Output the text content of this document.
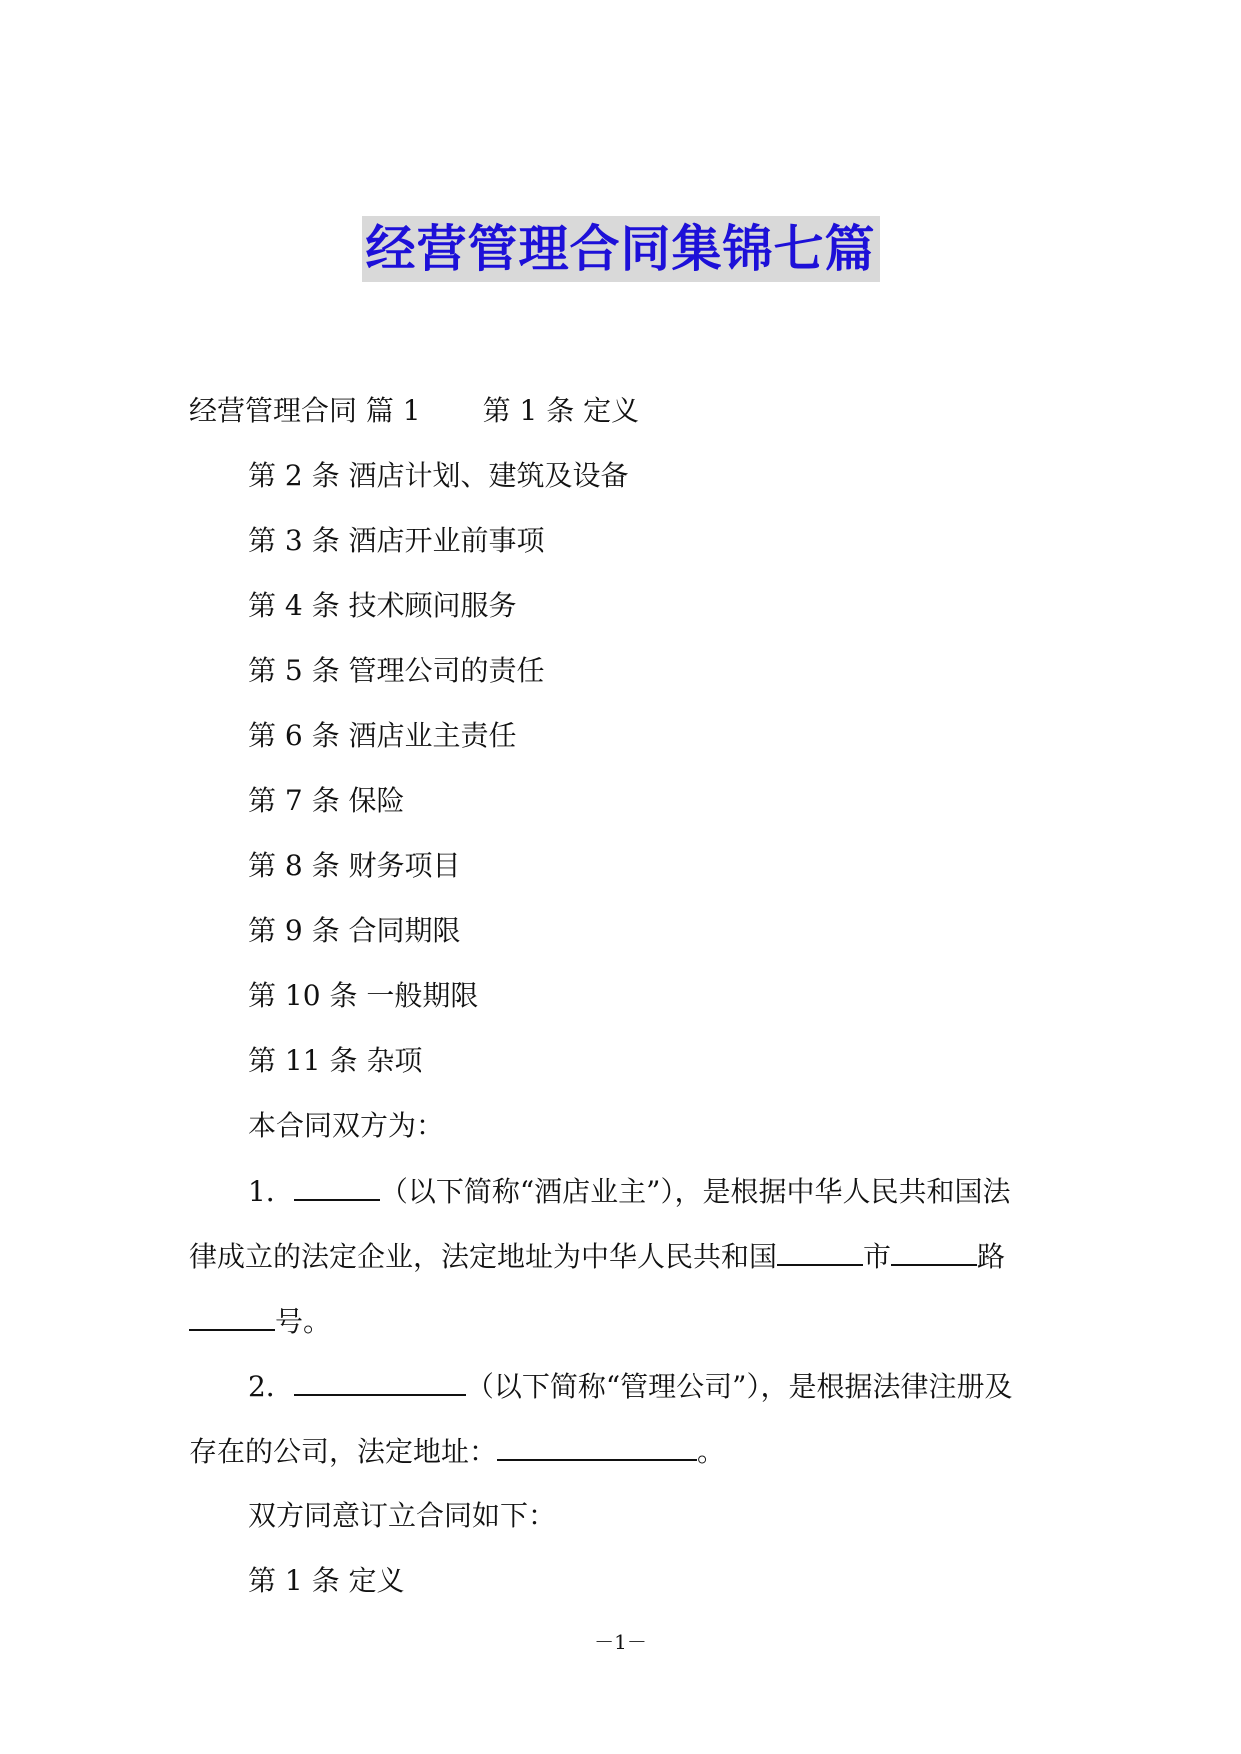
经营管理合同集锦七篇
经营管理合同 篇 1 第 1 条 定义
第 2 条 酒店计划、建筑及设备
第 3 条 酒店开业前事项
第 4 条 技术顾问服务
第 5 条 管理公司的责任
第 6 条 酒店业主责任
第 7 条 保险
第 8 条 财务项目
第 9 条 合同期限
第 10 条 一般期限
第 11 条 杂项
本合同双方为：
1．	（以下简称“酒店业主”），是根据中华人民共和国法
律成立的法定企业，法定地址为中华人民共和国	市	路
号。
2．	（以下简称“管理公司”），是根据法律注册及
存在的公司，法定地址：	。
双方同意订立合同如下：
第 1 条 定义
－1－
